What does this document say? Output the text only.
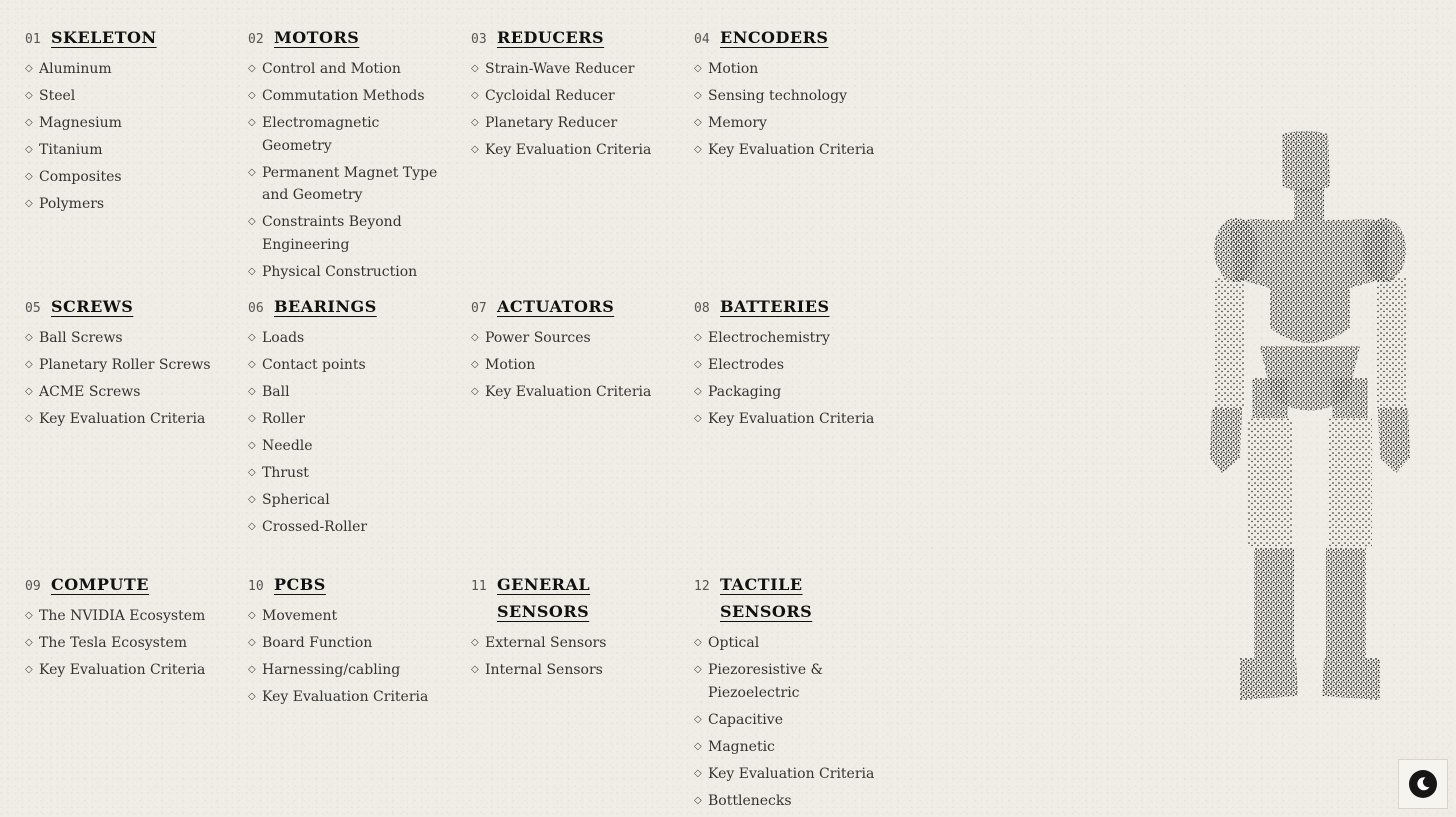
01 SKELETON
◇ Aluminum
◇ Steel
◇ Magnesium
◇ Titanium
◇ Composites
◇ Polymers
02 MOTORS
◇ Control and Motion
◇ Commutation Methods
◇ Electromagnetic Geometry
◇ Permanent Magnet Type and Geometry
◇ Constraints Beyond Engineering
◇ Physical Construction
03 REDUCERS
◇ Strain-Wave Reducer
◇ Cycloidal Reducer
◇ Planetary Reducer
◇ Key Evaluation Criteria
04 ENCODERS
◇ Motion
◇ Sensing technology
◇ Memory
◇ Key Evaluation Criteria
05 SCREWS
◇ Ball Screws
◇ Planetary Roller Screws
◇ ACME Screws
◇ Key Evaluation Criteria
06 BEARINGS
◇ Loads
◇ Contact points
◇ Ball
◇ Roller
◇ Needle
◇ Thrust
◇ Spherical
◇ Crossed-Roller
07 ACTUATORS
◇ Power Sources
◇ Motion
◇ Key Evaluation Criteria
08 BATTERIES
◇ Electrochemistry
◇ Electrodes
◇ Packaging
◇ Key Evaluation Criteria
09 COMPUTE
◇ The NVIDIA Ecosystem
◇ The Tesla Ecosystem
◇ Key Evaluation Criteria
10 PCBS
◇ Movement
◇ Board Function
◇ Harnessing/cabling
◇ Key Evaluation Criteria
11 GENERAL SENSORS
◇ External Sensors
◇ Internal Sensors
12 TACTILE SENSORS
◇ Optical
◇ Piezoresistive & Piezoelectric
◇ Capacitive
◇ Magnetic
◇ Key Evaluation Criteria
◇ Bottlenecks
